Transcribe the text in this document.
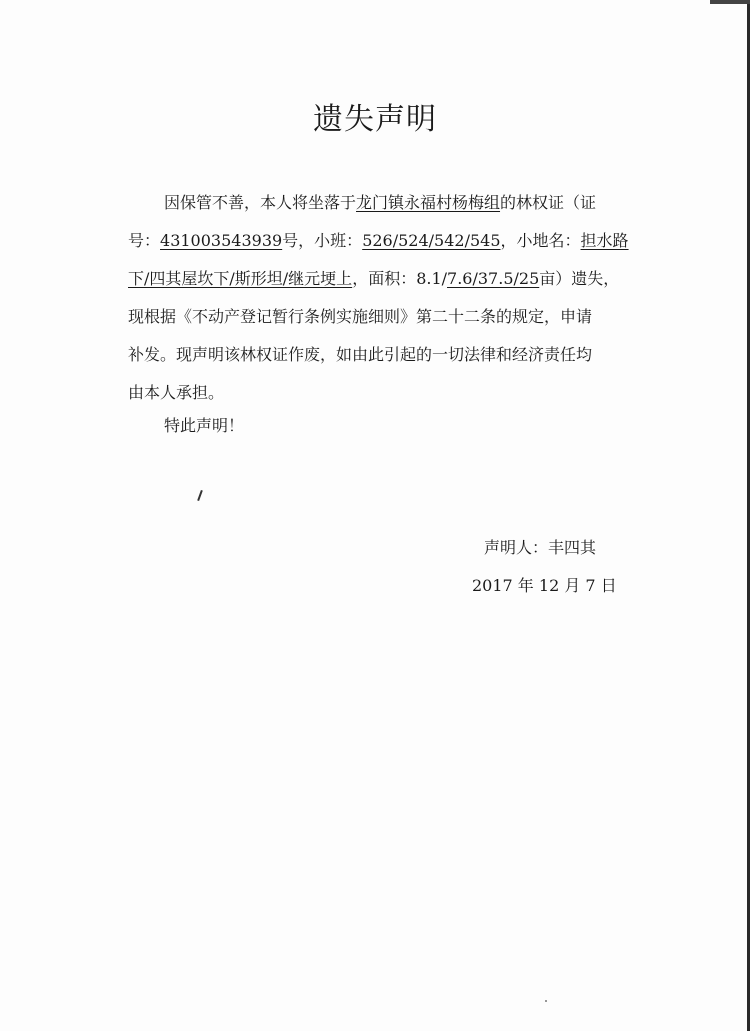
遗失声明
因保管不善，本人将坐落于龙门镇永福村杨梅组的林权证（证
号：431003543939号，小班：526/524/542/545，小地名：担水路
下/四其屋坎下/斯形坦/继元埂上，面积：8.1/7.6/37.5/25亩）遗失，
现根据《不动产登记暂行条例实施细则》第二十二条的规定，申请
补发。现声明该林权证作废，如由此引起的一切法律和经济责任均
由本人承担。
特此声明！
声明人：丰四其
2017 年 12 月 7 日
